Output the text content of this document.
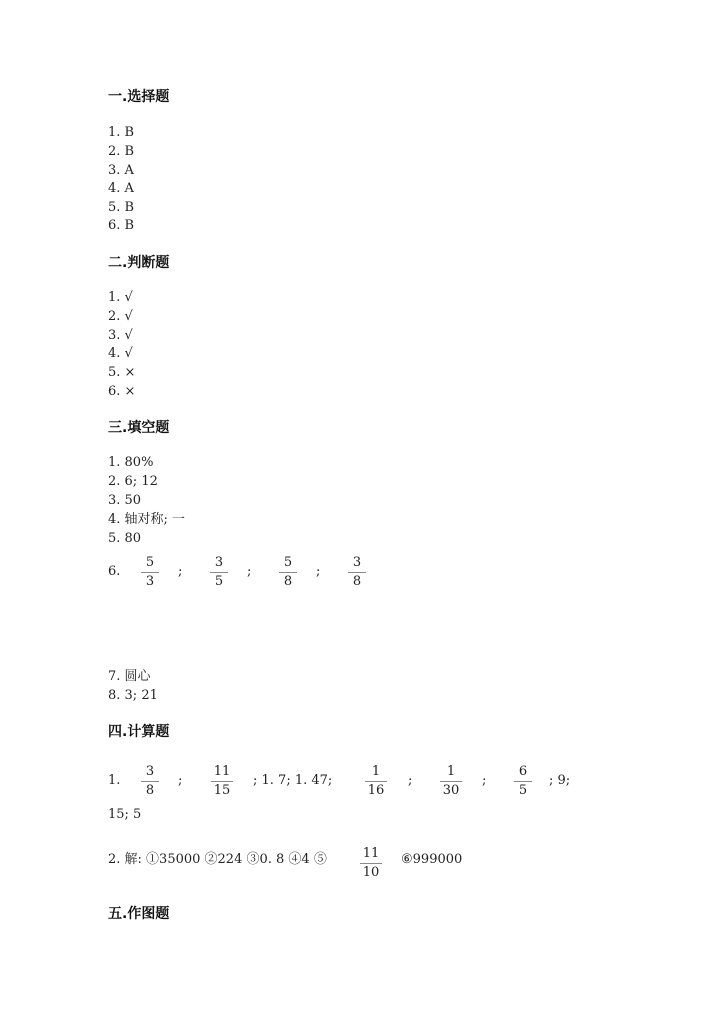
一.选择题
1. B
2. B
3. A
4. A
5. B
6. B
二.判断题
1. √
2. √
3. √
4. √
5. ×
6. ×
三.填空题
1. 80%
2. 6; 12
3. 50
4. 轴对称; 一
5. 80
6.
5
3
;
3
5
;
5
8
;
3
8
7. 圆心
8. 3; 21
四.计算题
1.
3
8
;
11
15
; 1. 7; 1. 47;
1
16
;
1
30
;
6
5
; 9;
15; 5
2. 解: ①35000 ②224 ③0. 8 ④4 ⑤	11
10
⑥999000
五.作图题
